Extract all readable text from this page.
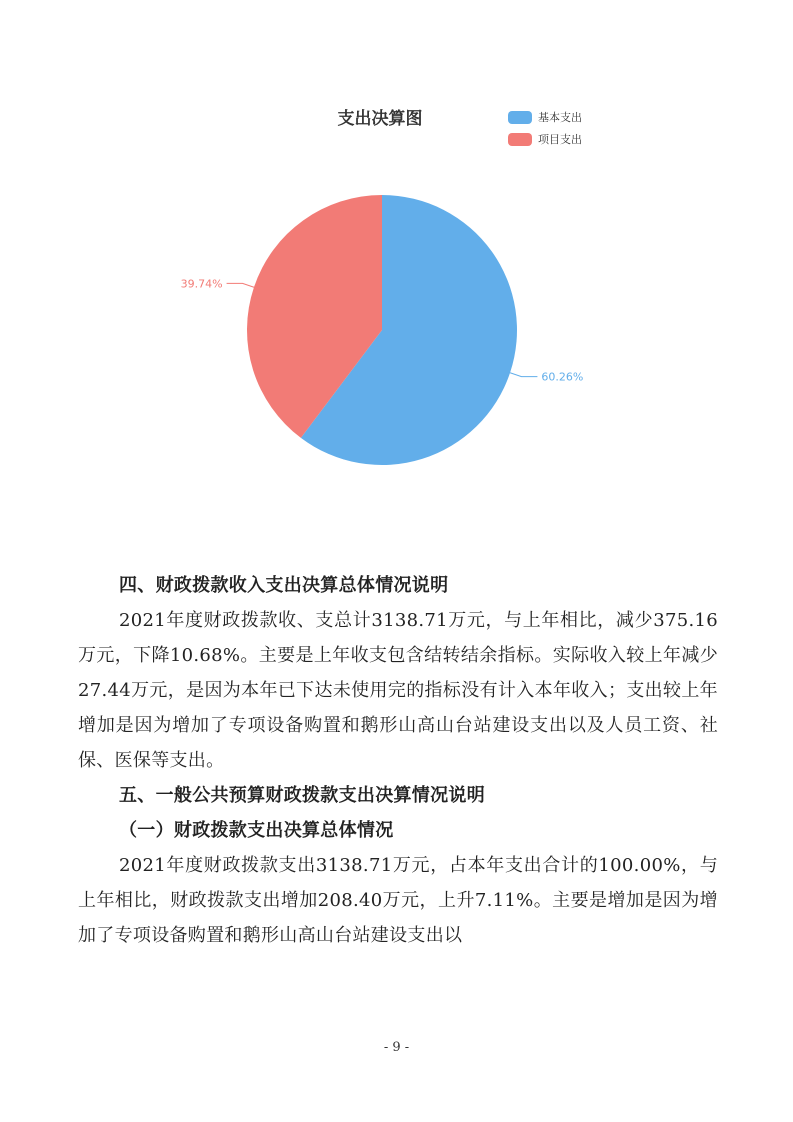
支出决算图	基本支出
项目支出
60.26%
39.74%

四、财政拨款收入支出决算总体情况说明

2021年度财政拨款收、支总计3138.71万元，与上年相比，减少375.16万元，下降10.68%。主要是上年收支包含结转结余指标。实际收入较上年减少27.44万元，是因为本年已下达未使用完的指标没有计入本年收入；支出较上年增加是因为增加了专项设备购置和鹅形山高山台站建设支出以及人员工资、社保、医保等支出。

五、一般公共预算财政拨款支出决算情况说明

（一）财政拨款支出决算总体情况

2021年度财政拨款支出3138.71万元，占本年支出合计的100.00%，与上年相比，财政拨款支出增加208.40万元，上升7.11%。主要是增加是因为增加了专项设备购置和鹅形山高山台站建设支出以

- 9 -
